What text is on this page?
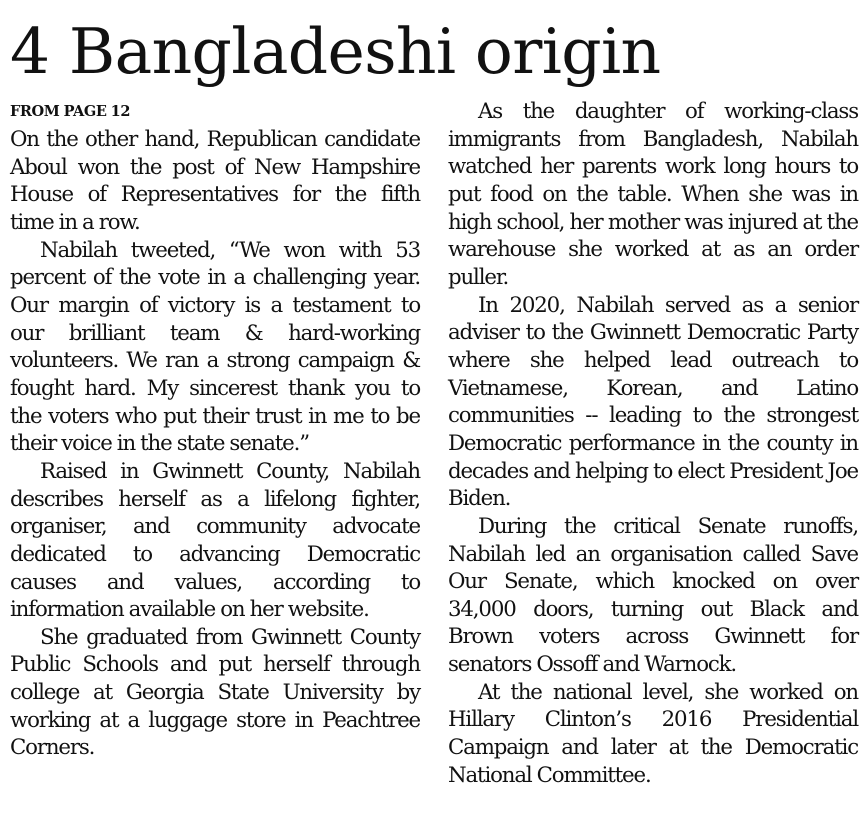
4 Bangladeshi origin
FROM PAGE 12

On the other hand, Republican candidate Aboul won the post of New Hampshire House of Representatives for the fifth time in a row.

Nabilah tweeted, “We won with 53 percent of the vote in a challenging year. Our margin of victory is a testament to our brilliant team & hard-working volunteers. We ran a strong campaign & fought hard. My sincerest thank you to the voters who put their trust in me to be their voice in the state senate.”

Raised in Gwinnett County, Nabilah describes herself as a lifelong fighter, organiser, and community advocate dedicated to advancing Democratic causes and values, according to information available on her website.

She graduated from Gwinnett County Public Schools and put herself through college at Georgia State University by working at a luggage store in Peachtree Corners.

As the daughter of working-class immigrants from Bangladesh, Nabilah watched her parents work long hours to put food on the table. When she was in high school, her mother was injured at the warehouse she worked at as an order puller.

In 2020, Nabilah served as a senior adviser to the Gwinnett Democratic Party where she helped lead outreach to Vietnamese, Korean, and Latino communities -- leading to the strongest Democratic performance in the county in decades and helping to elect President Joe Biden.

During the critical Senate runoffs, Nabilah led an organisation called Save Our Senate, which knocked on over 34,000 doors, turning out Black and Brown voters across Gwinnett for senators Ossoff and Warnock.

At the national level, she worked on Hillary Clinton’s 2016 Presidential Campaign and later at the Democratic National Committee.
